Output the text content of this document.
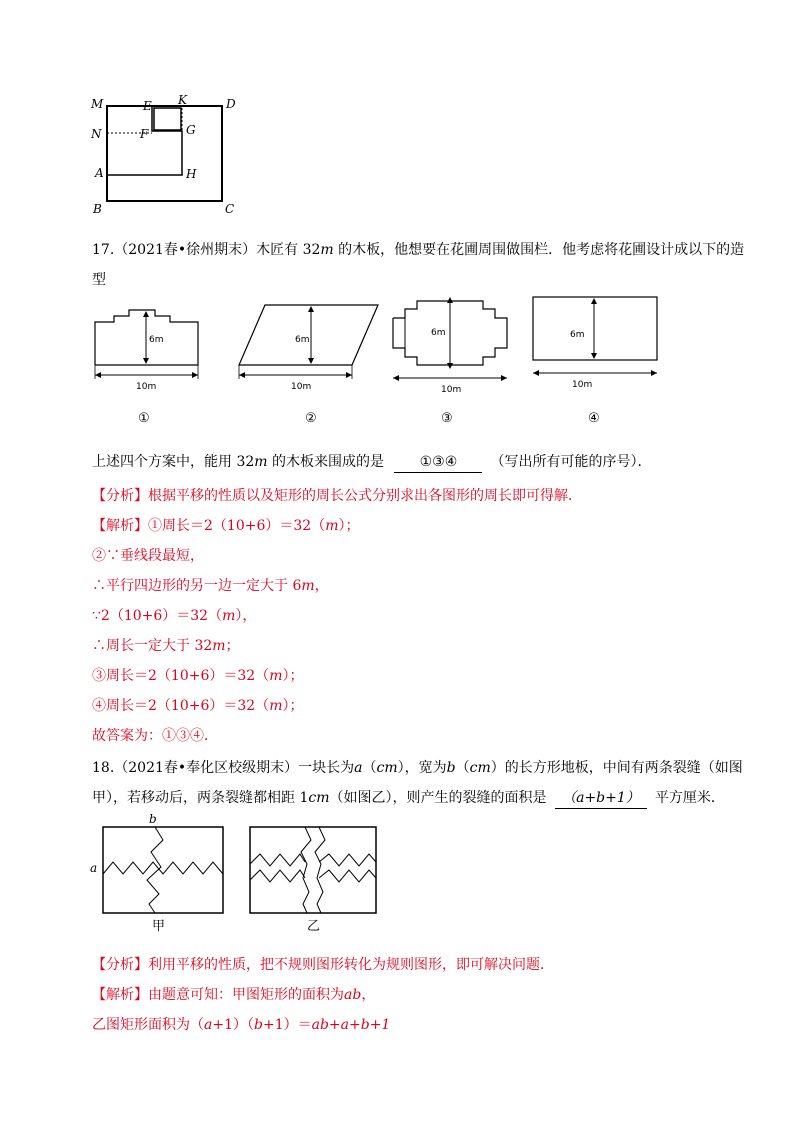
M	E K	D
N	F	G
A	H
B	C
17.（2021春•徐州期末）木匠有 32m 的木板，他想要在花圃周围做围栏．他考虑将花圃设计成以下的造
型
6m
10m
①
6m
10m
②
6m
10m
③
6m
10m
④
上述四个方案中，能用 32m 的木板来围成的是	①③④ （写出所有可能的序号）．
【分析】根据平移的性质以及矩形的周长公式分别求出各图形的周长即可得解．
【解析】①周长＝2（10+6）＝32（m）；
②∵垂线段最短，
∴平行四边形的另一边一定大于 6m，
∵2（10+6）＝32（m），
∴周长一定大于 32m；
③周长＝2（10+6）＝32（m）；
④周长＝2（10+6）＝32（m）；
故答案为：①③④．
18.（2021春•奉化区校级期末）一块长为a（cm），宽为b（cm）的长方形地板，中间有两条裂缝（如图
甲），若移动后，两条裂缝都相距 1cm（如图乙），则产生的裂缝的面积是 （a+b+1） 平方厘米．
b
a
甲	乙
【分析】利用平移的性质，把不规则图形转化为规则图形，即可解决问题．
【解析】由题意可知：甲图矩形的面积为ab，
乙图矩形面积为（a+1）（b+1）＝ab+a+b+1
